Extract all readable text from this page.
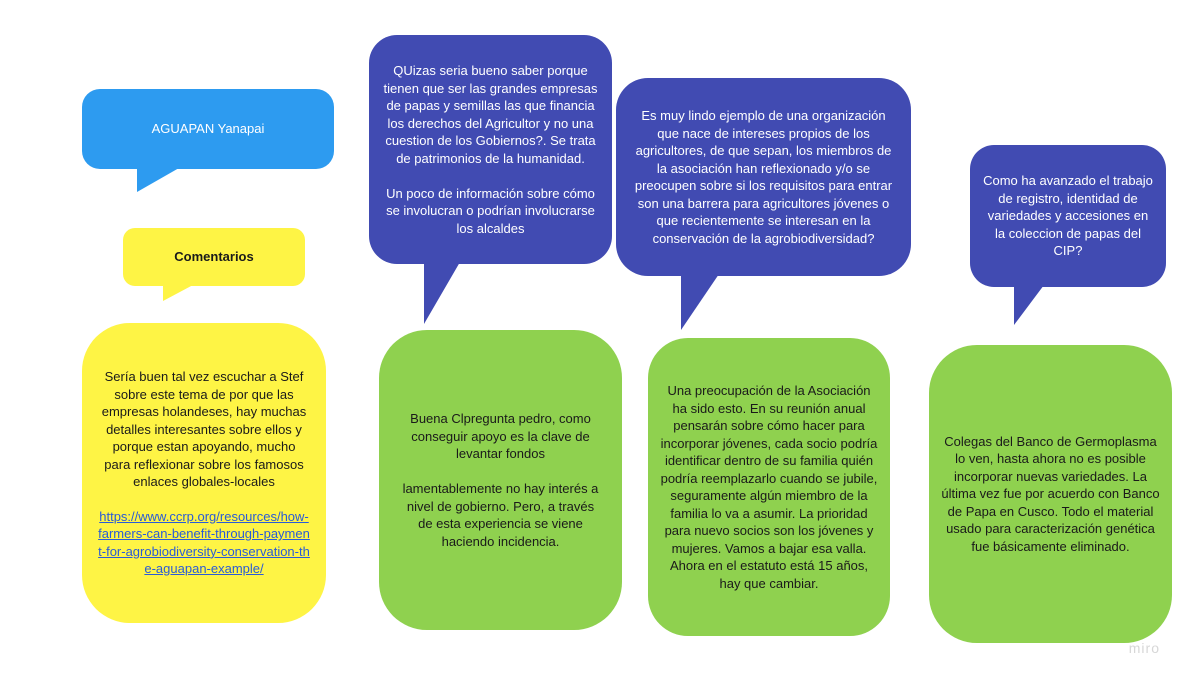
AGUAPAN Yanapai
Comentarios
QUizas seria bueno saber porque tienen que ser las grandes empresas de papas y semillas las que financia los derechos del Agricultor y no una cuestion de los Gobiernos?. Se trata de patrimonios de la humanidad.

Un poco de información sobre cómo se involucran o podrían involucrarse los alcaldes
Es muy lindo ejemplo de una organización que nace de intereses propios de los agricultores, de que sepan, los miembros de la asociación han reflexionado y/o se preocupen sobre si los requisitos para entrar son una barrera para agricultores jóvenes o que recientemente se interesan en la conservación de la agrobiodiversidad?
Como ha avanzado el trabajo de registro, identidad de variedades y accesiones en la coleccion de papas del CIP?
Sería buen tal vez escuchar a Stef sobre este tema de por que las empresas holandeses, hay muchas detalles interesantes sobre ellos y porque estan apoyando, mucho para reflexionar sobre los famosos enlaces globales-locales
https://www.ccrp.org/resources/how-farmers-can-benefit-through-payment-for-agrobiodiversity-conservation-the-aguapan-example/
Buena Clpregunta pedro, como conseguir apoyo es la clave de levantar fondos

lamentablemente no hay interés a nivel de gobierno. Pero, a través de esta experiencia se viene haciendo incidencia.
Una preocupación de la Asociación ha sido esto. En su reunión anual pensarán sobre cómo hacer para incorporar jóvenes, cada socio podría identificar dentro de su familia quién podría reemplazarlo cuando se jubile, seguramente algún miembro de la familia lo va a asumir. La prioridad para nuevo socios son los jóvenes y mujeres. Vamos a bajar esa valla. Ahora en el estatuto está 15 años, hay que cambiar.
Colegas del Banco de Germoplasma lo ven, hasta ahora no es posible incorporar nuevas variedades. La última vez fue por acuerdo con Banco de Papa en Cusco. Todo el material usado para caracterización genética fue básicamente eliminado.
miro
